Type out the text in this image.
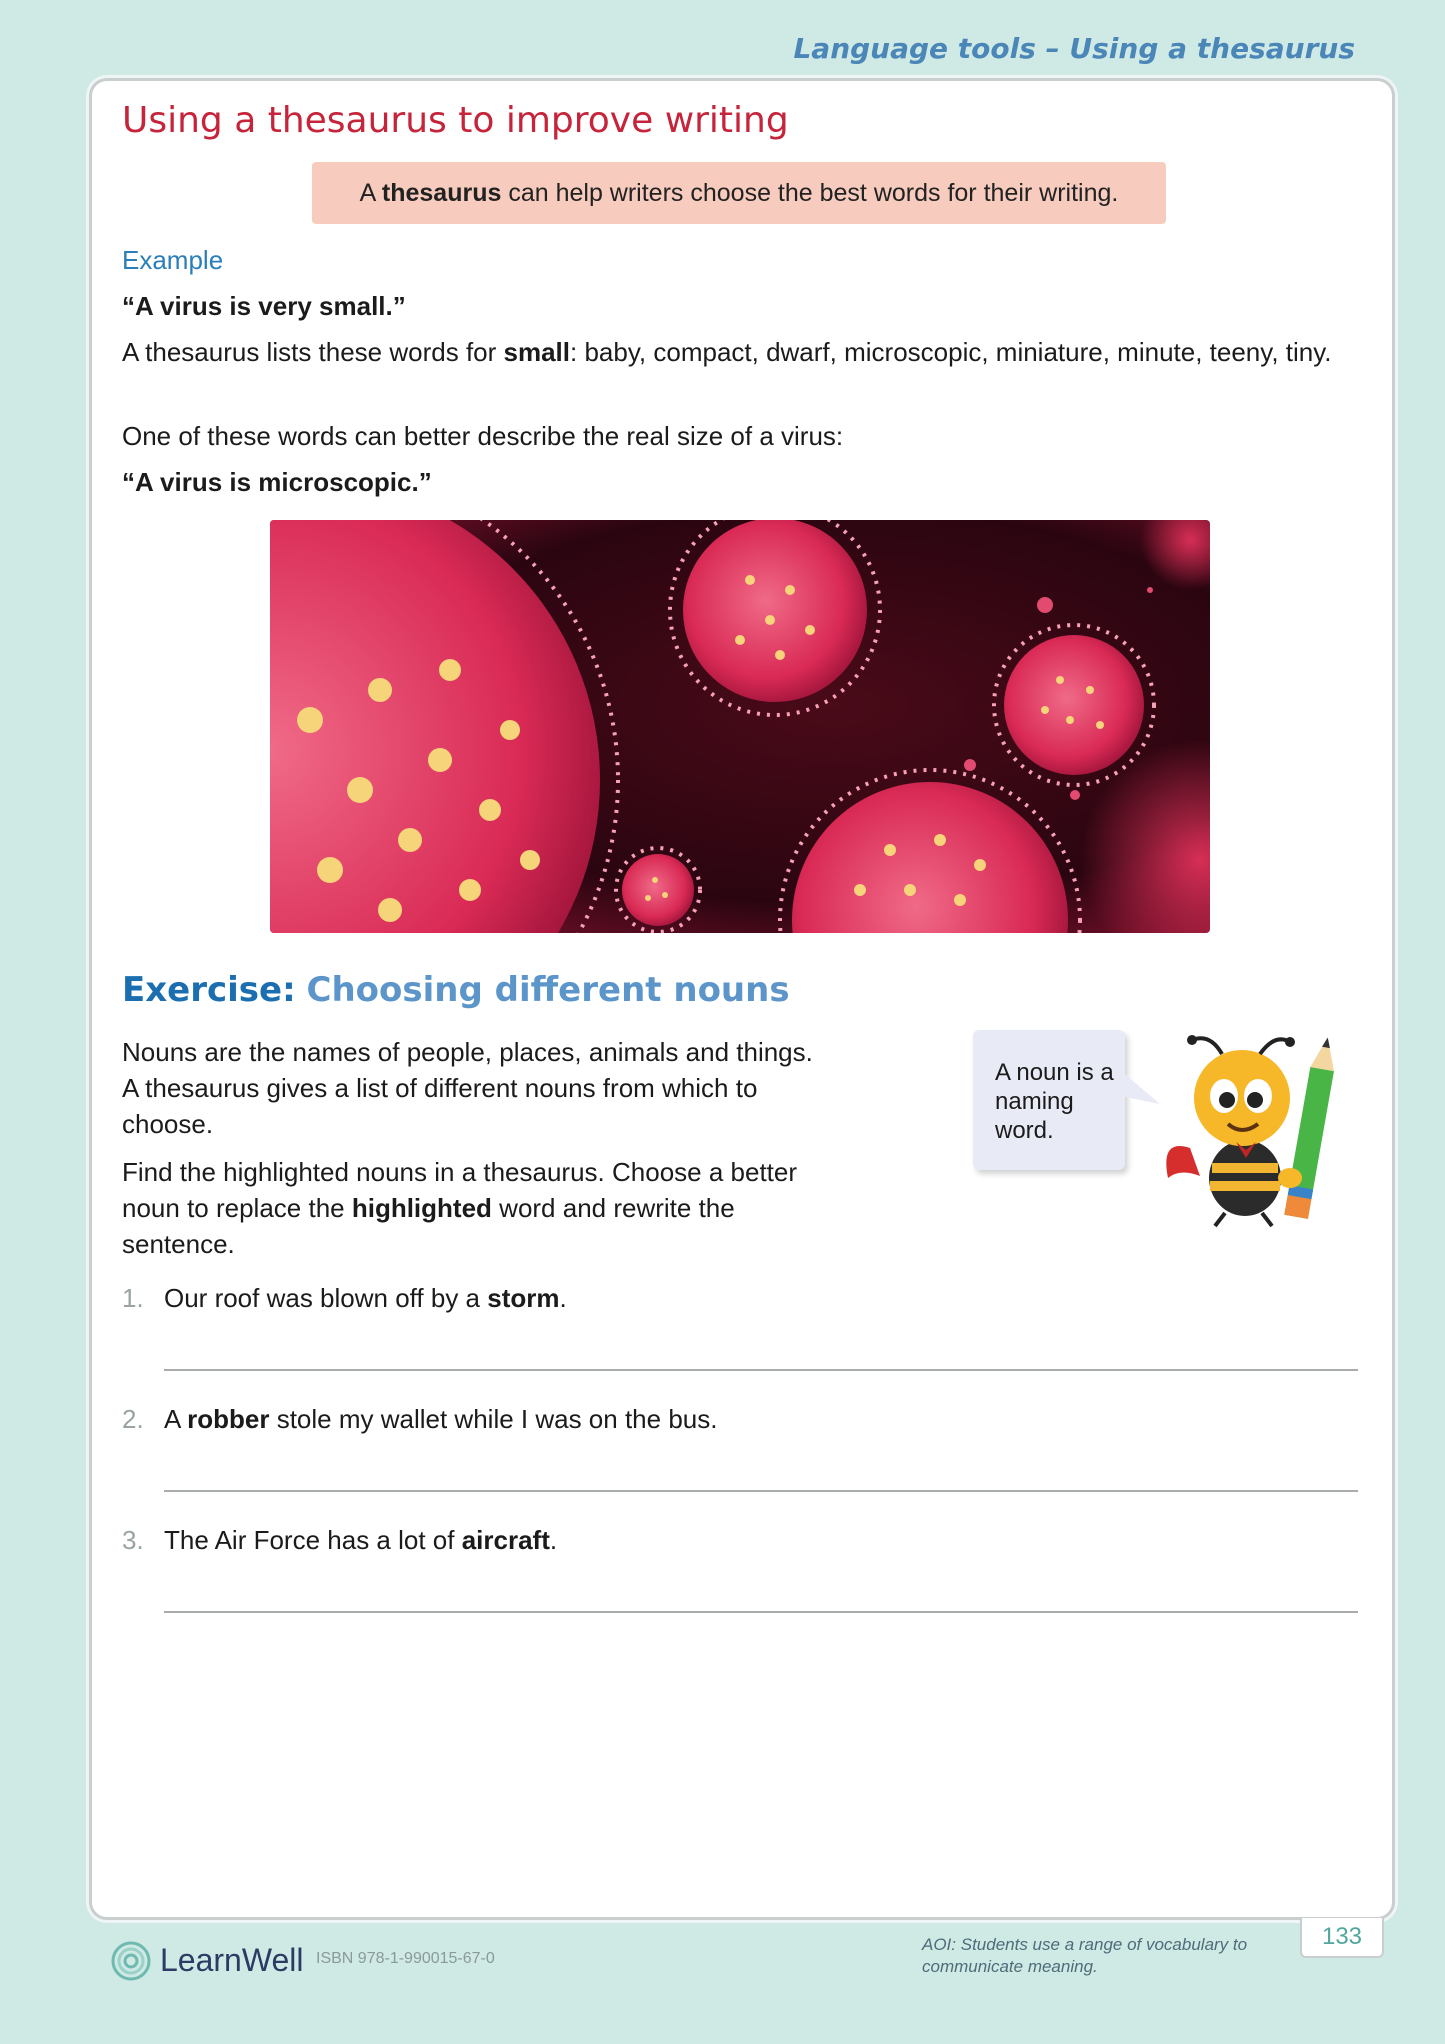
Language tools – Using a thesaurus
Using a thesaurus to improve writing
A thesaurus can help writers choose the best words for their writing.

Example

“A virus is very small.”

A thesaurus lists these words for small: baby, compact, dwarf, microscopic, miniature, minute, teeny, tiny.

One of these words can better describe the real size of a virus:

“A virus is microscopic.”

Exercise: Choosing different nouns

Nouns are the names of people, places, animals and things. A thesaurus gives a list of different nouns from which to choose.

Find the highlighted nouns in a thesaurus. Choose a better noun to replace the highlighted word and rewrite the sentence.

A noun is a naming word.
1. Our roof was blown off by a storm.
2. A robber stole my wallet while I was on the bus.
3. The Air Force has a lot of aircraft.
LearnWell ISBN 978-1-990015-67-0
AOI: Students use a range of vocabulary to communicate meaning.
133
